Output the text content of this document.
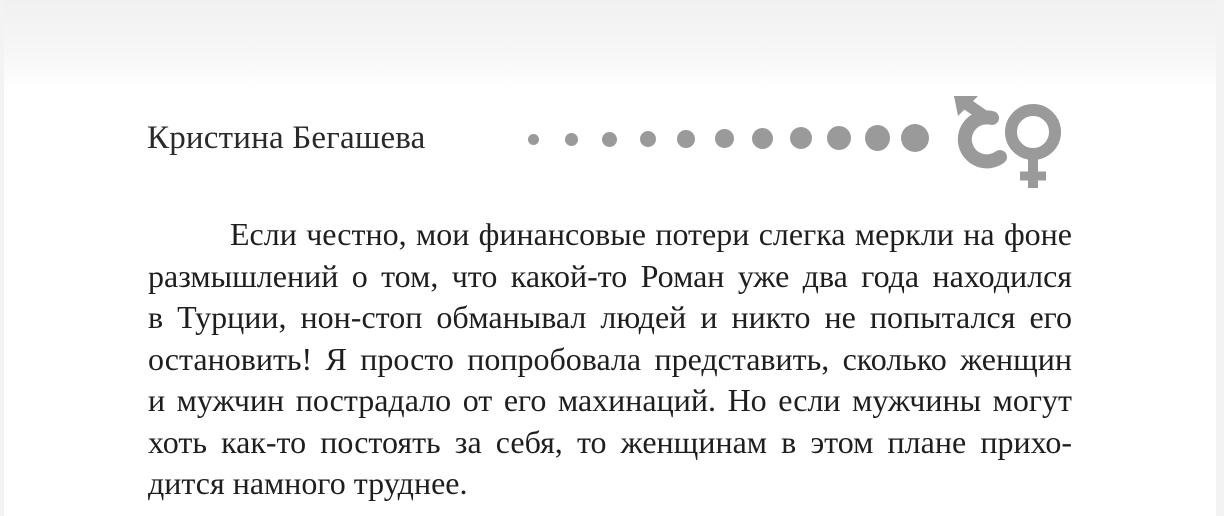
Кристина Бегашева

Если честно, мои финансовые потери слегка меркли на фоне
размышлений о том, что какой-то Роман уже два года находился
в Турции, нон-стоп обманывал людей и никто не попытался его
остановить! Я просто попробовала представить, сколько женщин
и мужчин пострадало от его махинаций. Но если мужчины могут
хоть как-то постоять за себя, то женщинам в этом плане прихо-
дится намного труднее.
